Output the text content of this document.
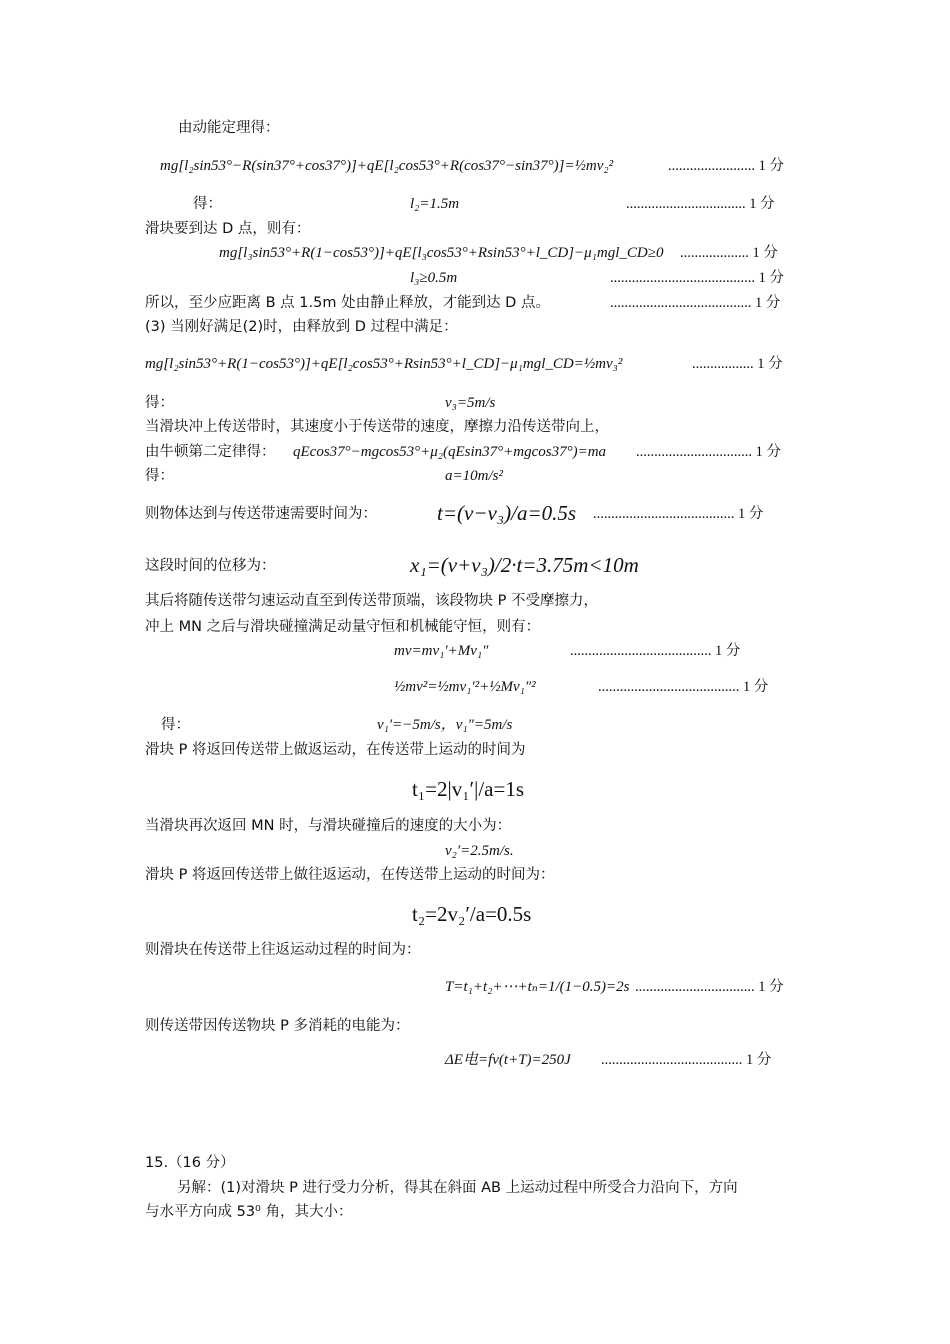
由动能定理得：
mg[l₂sin53°−R(sin37°+cos37°)]+qE[l₂cos53°+R(cos37°−sin37°)]=½mv₂²	........................ 1 分
得：	l₂=1.5m	................................. 1 分
滑块要到达 D 点，则有：
mg[l₃sin53°+R(1−cos53°)]+qE[l₃cos53°+Rsin53°+l_CD]−μ₁mgl_CD≥0 ................... 1 分
l₃≥0.5m	........................................ 1 分
所以，至少应距离 B 点 1.5m 处由静止释放，才能到达 D 点。	....................................... 1 分
(3) 当刚好满足(2)时，由释放到 D 过程中满足：
mg[l₂sin53°+R(1−cos53°)]+qE[l₂cos53°+Rsin53°+l_CD]−μ₁mgl_CD=½mv₃²	................. 1 分
得：	v₃=5m/s
当滑块冲上传送带时，其速度小于传送带的速度，摩擦力沿传送带向上，
由牛顿第二定律得： qEcos37°−mgcos53°+μ₂(qEsin37°+mgcos37°)=ma ................................ 1 分
得：	a=10m/s²
则物体达到与传送带速需要时间为：	t=(v−v₃)/a=0.5s ....................................... 1 分
这段时间的位移为：	x₁=(v+v₃)/2·t=3.75m<10m
其后将随传送带匀速运动直至到传送带顶端，该段物块 P 不受摩擦力，
冲上 MN 之后与滑块碰撞满足动量守恒和机械能守恒，则有：
mv=mv₁′+Mv₁″	....................................... 1 分
½mv²=½mv₁′²+½Mv₁″²	....................................... 1 分
得：	v₁′=−5m/s，v₁″=5m/s
滑块 P 将返回传送带上做返运动，在传送带上运动的时间为
t₁=2|v₁′|/a=1s
当滑块再次返回 MN 时，与滑块碰撞后的速度的大小为：
v₂′=2.5m/s.
滑块 P 将返回传送带上做往返运动，在传送带上运动的时间为：
t₂=2v₂′/a=0.5s
则滑块在传送带上往返运动过程的时间为：
T=t₁+t₂+⋯+tₙ=1/(1−0.5)=2s ................................. 1 分
则传送带因传送物块 P 多消耗的电能为：
ΔE电=fv(t+T)=250J ....................................... 1 分
15.（16 分）
另解：(1)对滑块 P 进行受力分析，得其在斜面 AB 上运动过程中所受合力沿向下，方向
与水平方向成 53⁰ 角，其大小：
